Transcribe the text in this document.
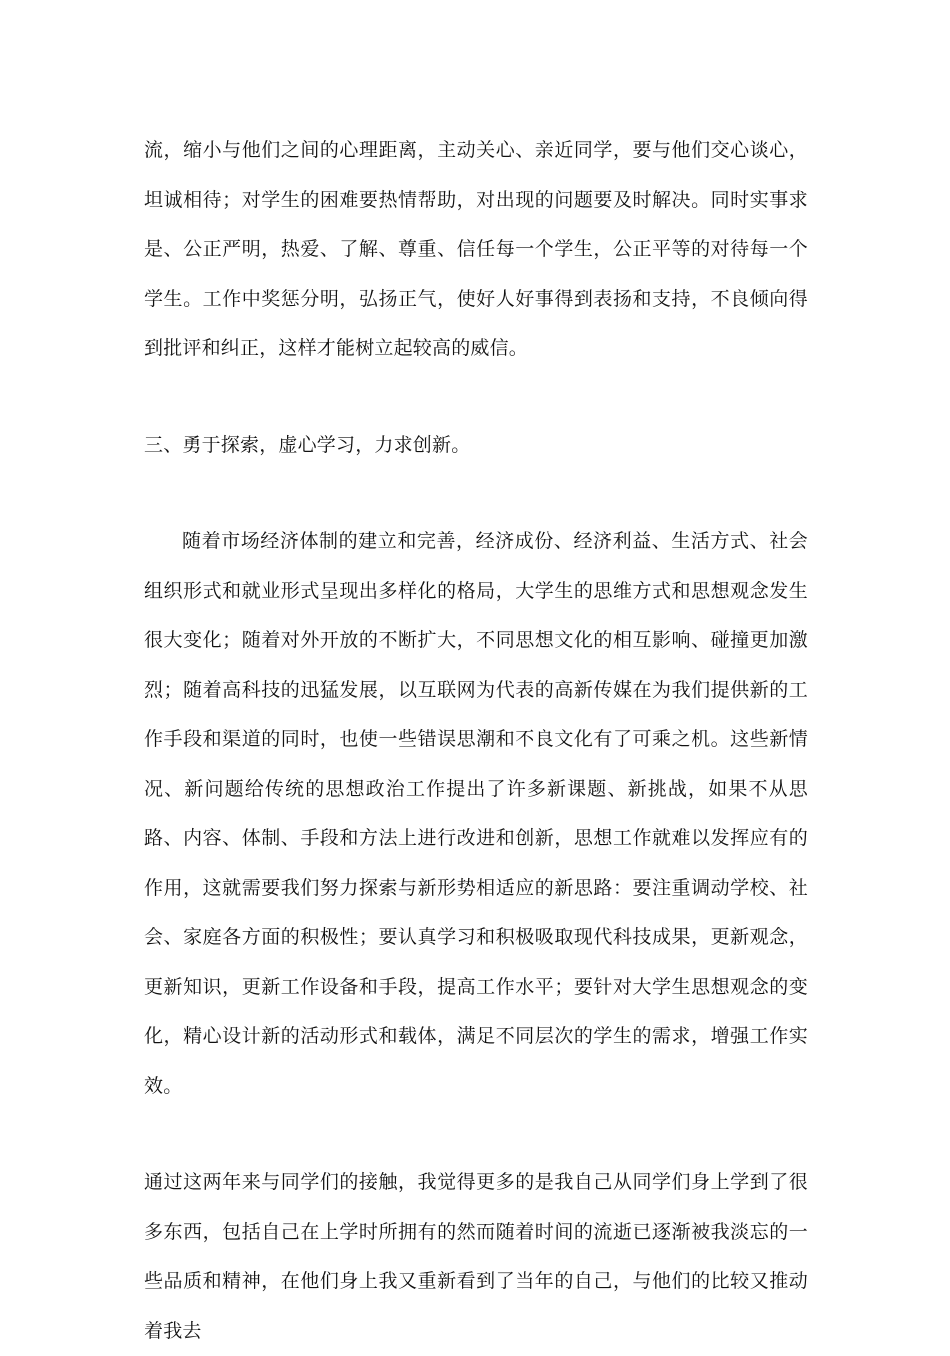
流，缩小与他们之间的心理距离，主动关心、亲近同学，要与他们交心谈心，坦诚相待；对学生的困难要热情帮助，对出现的问题要及时解决。同时实事求是、公正严明，热爱、了解、尊重、信任每一个学生，公正平等的对待每一个学生。工作中奖惩分明，弘扬正气，使好人好事得到表扬和支持，不良倾向得到批评和纠正，这样才能树立起较高的威信。

三、勇于探索，虚心学习，力求创新。

随着市场经济体制的建立和完善，经济成份、经济利益、生活方式、社会组织形式和就业形式呈现出多样化的格局，大学生的思维方式和思想观念发生很大变化；随着对外开放的不断扩大，不同思想文化的相互影响、碰撞更加激烈；随着高科技的迅猛发展，以互联网为代表的高新传媒在为我们提供新的工作手段和渠道的同时，也使一些错误思潮和不良文化有了可乘之机。这些新情况、新问题给传统的思想政治工作提出了许多新课题、新挑战，如果不从思路、内容、体制、手段和方法上进行改进和创新，思想工作就难以发挥应有的作用，这就需要我们努力探索与新形势相适应的新思路：要注重调动学校、社会、家庭各方面的积极性；要认真学习和积极吸取现代科技成果，更新观念，更新知识，更新工作设备和手段，提高工作水平；要针对大学生思想观念的变化，精心设计新的活动形式和载体，满足不同层次的学生的需求，增强工作实效。

通过这两年来与同学们的接触，我觉得更多的是我自己从同学们身上学到了很多东西，包括自己在上学时所拥有的然而随着时间的流逝已逐渐被我淡忘的一些品质和精神，在他们身上我又重新看到了当年的自己，与他们的比较又推动着我去
